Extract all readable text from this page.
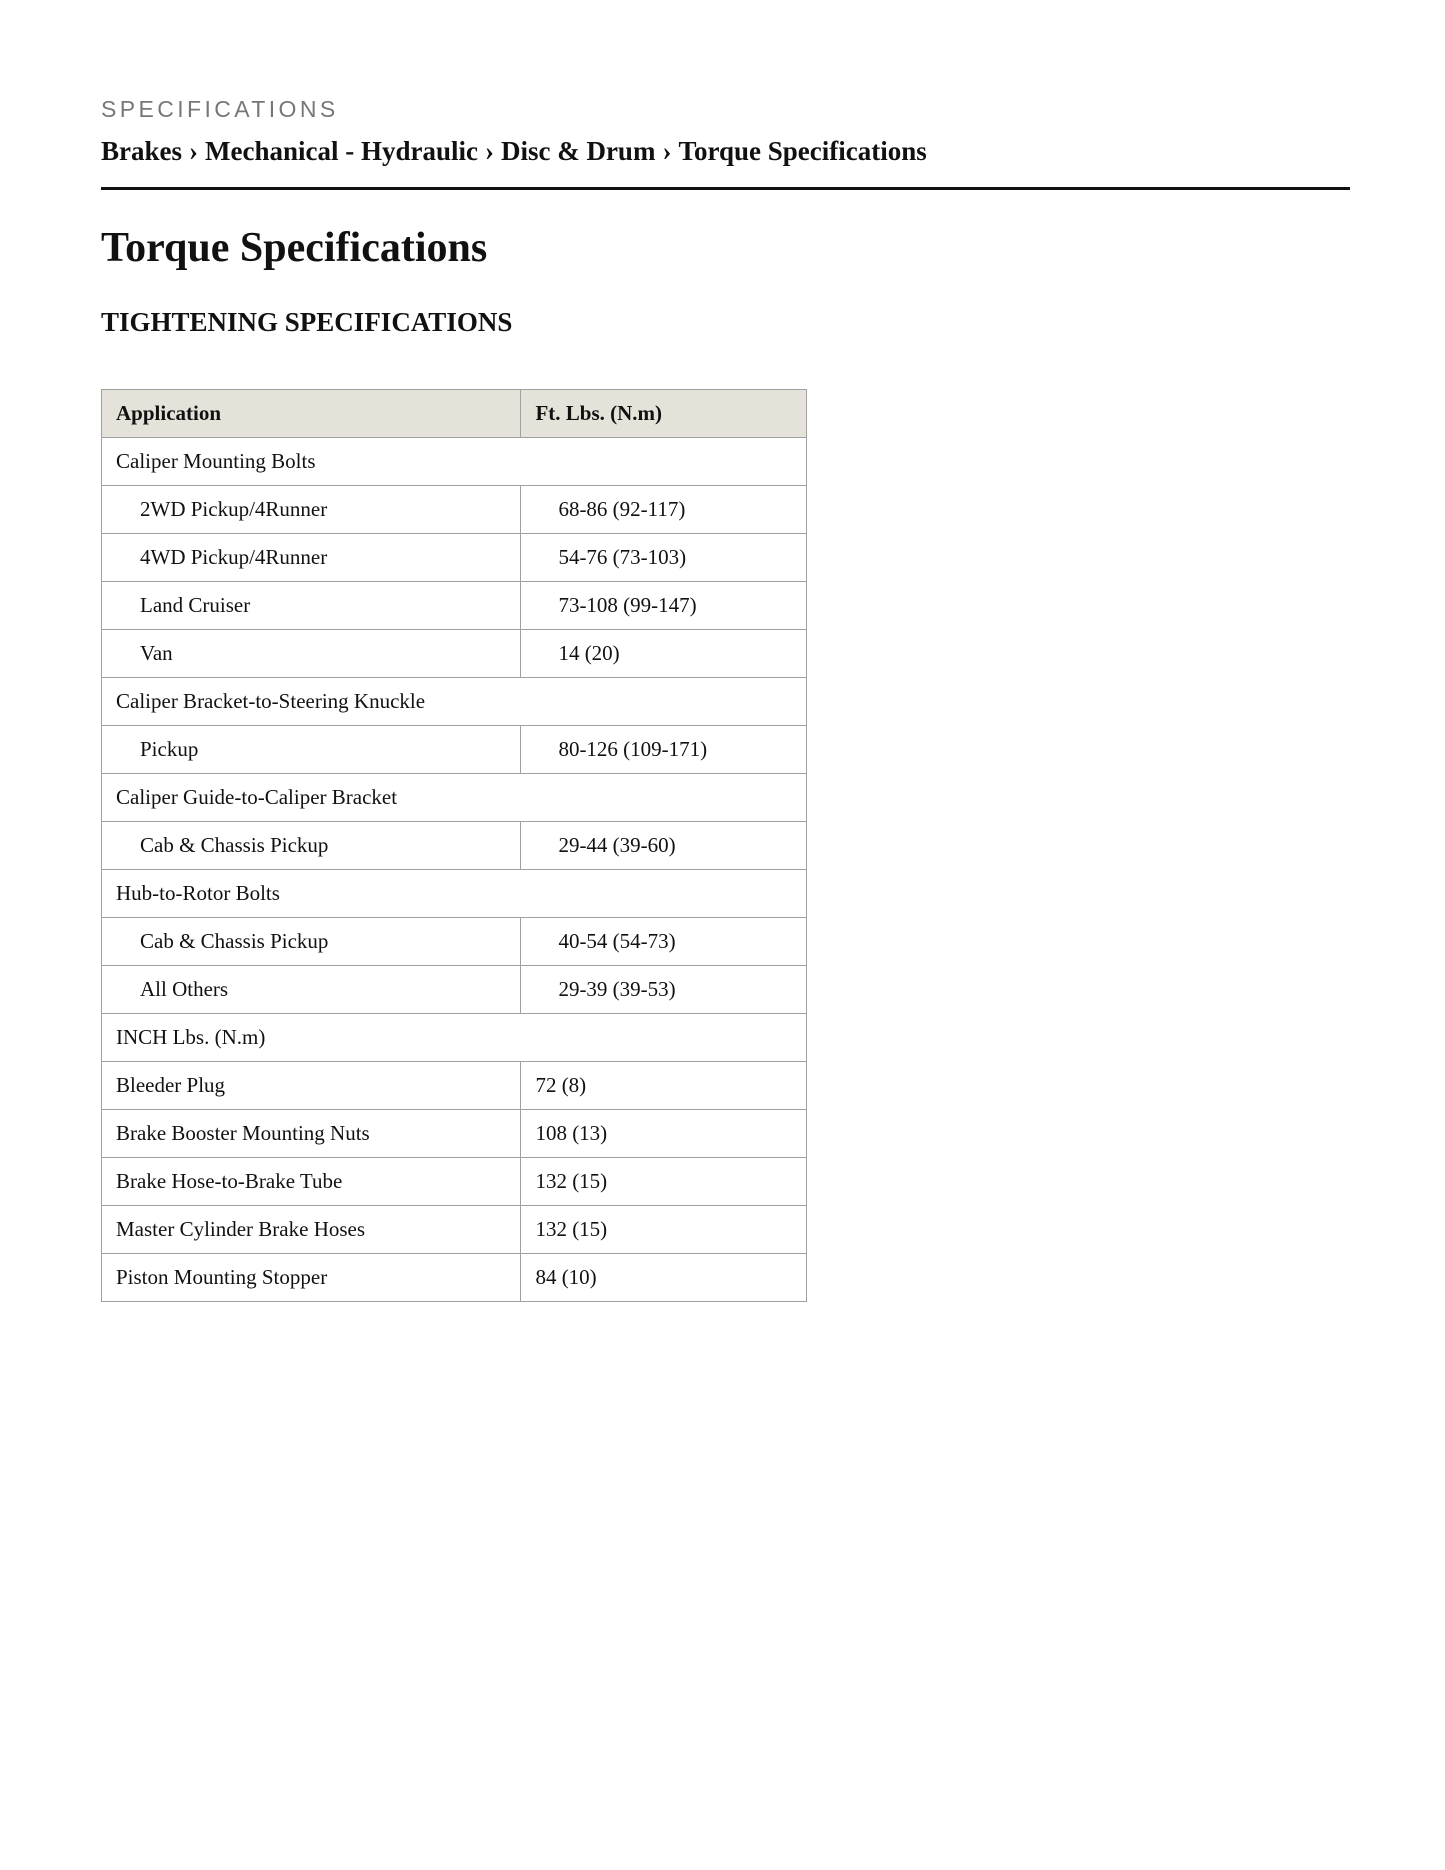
SPECIFICATIONS
Brakes › Mechanical - Hydraulic › Disc & Drum › Torque Specifications
Torque Specifications
TIGHTENING SPECIFICATIONS
Application	Ft. Lbs. (N.m)
Caliper Mounting Bolts	
2WD Pickup/4Runner	68-86 (92-117)
4WD Pickup/4Runner	54-76 (73-103)
Land Cruiser	73-108 (99-147)
Van	14 (20)
Caliper Bracket-to-Steering Knuckle	
Pickup	80-126 (109-171)
Caliper Guide-to-Caliper Bracket	
Cab & Chassis Pickup	29-44 (39-60)
Hub-to-Rotor Bolts	
Cab & Chassis Pickup	40-54 (54-73)
All Others	29-39 (39-53)
INCH Lbs. (N.m)	
Bleeder Plug	72 (8)
Brake Booster Mounting Nuts	108 (13)
Brake Hose-to-Brake Tube	132 (15)
Master Cylinder Brake Hoses	132 (15)
Piston Mounting Stopper	84 (10)
